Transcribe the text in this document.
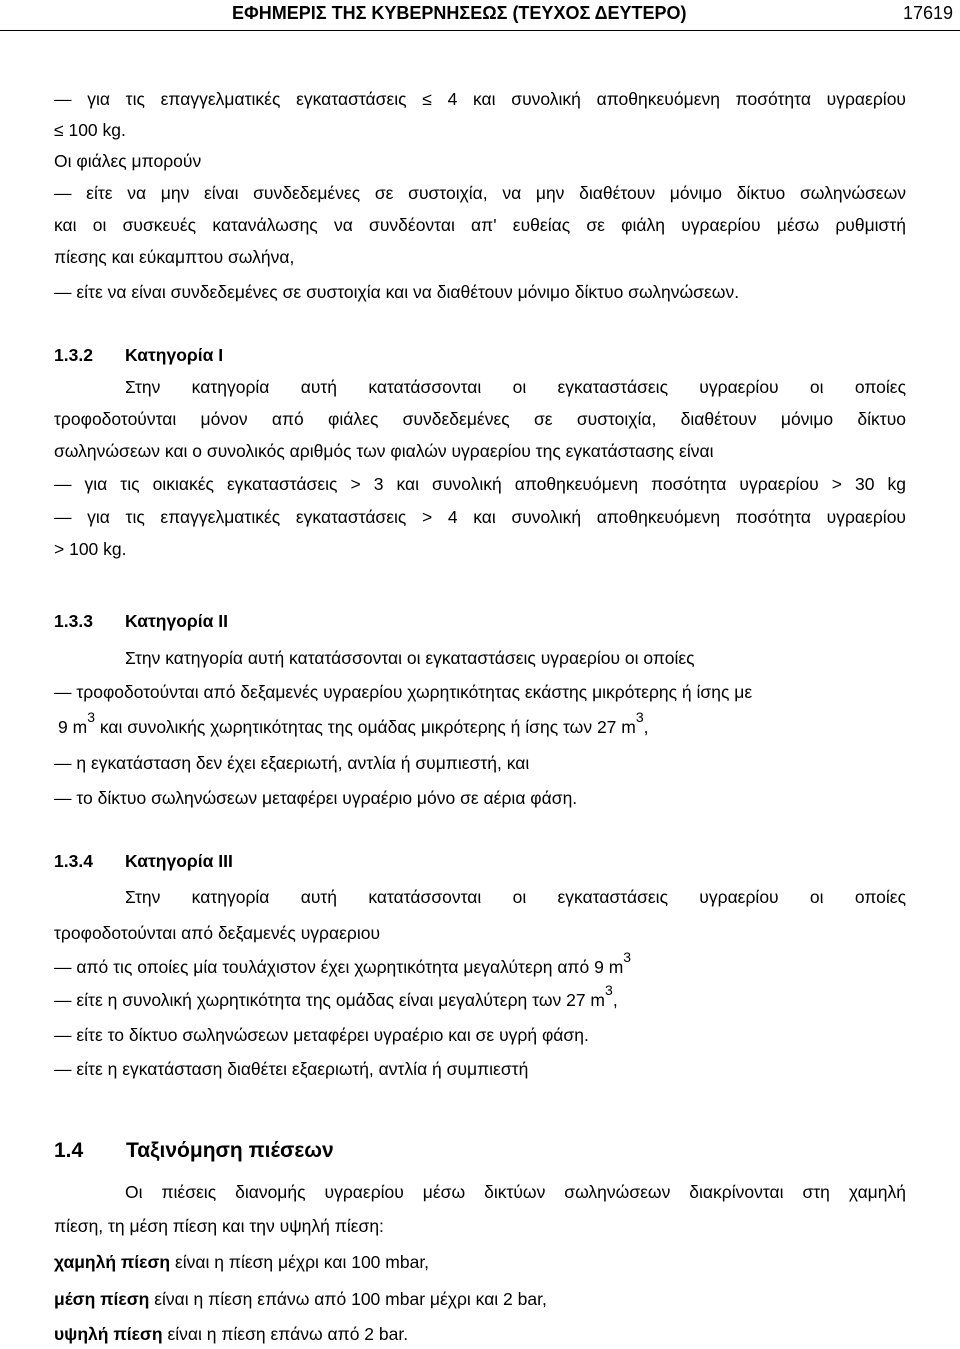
ΕΦΗΜΕΡΙΣ ΤΗΣ ΚΥΒΕΡΝΗΣΕΩΣ (ΤΕΥΧΟΣ ΔΕΥΤΕΡΟ)	17619
— για τις επαγγελματικές εγκαταστάσεις ≤ 4 και συνολική αποθηκευόμενη ποσότητα υγραερίου
≤ 100 kg.
Οι φιάλες μπορούν
— είτε να μην είναι συνδεδεμένες σε συστοιχία, να μην διαθέτουν μόνιμο δίκτυο σωληνώσεων
και οι συσκευές κατανάλωσης να συνδέονται απ' ευθείας σε φιάλη υγραερίου μέσω ρυθμιστή
πίεσης και εύκαμπτου σωλήνα,
— είτε να είναι συνδεδεμένες σε συστοιχία και να διαθέτουν μόνιμο δίκτυο σωληνώσεων.
1.3.2 Κατηγορία Ι
Στην κατηγορία αυτή κατατάσσονται οι εγκαταστάσεις υγραερίου οι οποίες
τροφοδοτούνται μόνον από φιάλες συνδεδεμένες σε συστοιχία, διαθέτουν μόνιμο δίκτυο
σωληνώσεων και ο συνολικός αριθμός των φιαλών υγραερίου της εγκατάστασης είναι
— για τις οικιακές εγκαταστάσεις > 3 και συνολική αποθηκευόμενη ποσότητα υγραερίου > 30 kg
— για τις επαγγελματικές εγκαταστάσεις > 4 και συνολική αποθηκευόμενη ποσότητα υγραερίου
> 100 kg.
1.3.3 Κατηγορία ΙΙ
Στην κατηγορία αυτή κατατάσσονται οι εγκαταστάσεις υγραερίου οι οποίες
— τροφοδοτούνται από δεξαμενές υγραερίου χωρητικότητας εκάστης μικρότερης ή ίσης με
9 $m^3$ και συνολικής χωρητικότητας της ομάδας μικρότερης ή ίσης των 27 $m^3$,
— η εγκατάσταση δεν έχει εξαεριωτή, αντλία ή συμπιεστή, και
— το δίκτυο σωληνώσεων μεταφέρει υγραέριο μόνο σε αέρια φάση.
1.3.4 Κατηγορία ΙΙΙ
Στην κατηγορία αυτή κατατάσσονται οι εγκαταστάσεις υγραερίου οι οποίες
τροφοδοτούνται από δεξαμενές υγραεριου
— από τις οποίες μία τουλάχιστον έχει χωρητικότητα μεγαλύτερη από 9 $m^3$
— είτε η συνολική χωρητικότητα της ομάδας είναι μεγαλύτερη των 27 $m^3$,
— είτε το δίκτυο σωληνώσεων μεταφέρει υγραέριο και σε υγρή φάση.
— είτε η εγκατάσταση διαθέτει εξαεριωτή, αντλία ή συμπιεστή
1.4 Ταξινόμηση πιέσεων
Οι πιέσεις διανομής υγραερίου μέσω δικτύων σωληνώσεων διακρίνονται στη χαμηλή
πίεση, τη μέση πίεση και την υψηλή πίεση:
χαμηλή πίεση είναι η πίεση μέχρι και 100 mbar,
μέση πίεση είναι η πίεση επάνω από 100 mbar μέχρι και 2 bar,
υψηλή πίεση είναι η πίεση επάνω από 2 bar.
